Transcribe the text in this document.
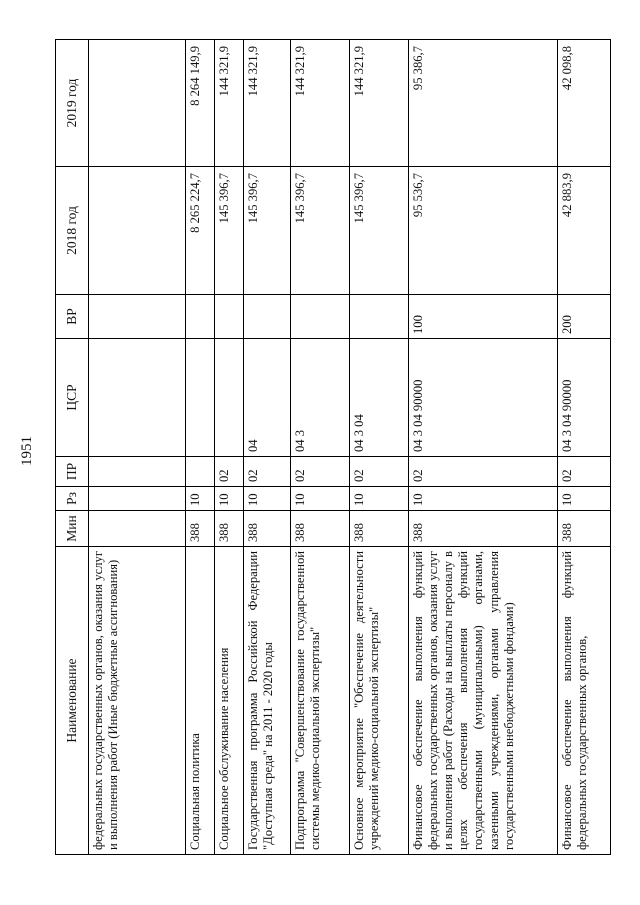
1951
Наименование	Мин	Рз	ПР	ЦСР	ВР	2018 год	2019 год
федеральных государственных органов, оказания услуг и выполнения работ (Иные бюджетные ассигнования)							
Социальная политика	388	10				8 265 224,7	8 264 149,9
Социальное обслуживание населения	388	10	02			145 396,7	144 321,9
Государственная программа Российской Федерации "Доступная среда" на 2011 - 2020 годы	388	10	02	04		145 396,7	144 321,9
Подпрограмма "Совершенствование государственной системы медико-социальной экспертизы"	388	10	02	04 3		145 396,7	144 321,9
Основное мероприятие "Обеспечение деятельности учреждений медико-социальной экспертизы"	388	10	02	04 3 04		145 396,7	144 321,9
Финансовое обеспечение выполнения функций федеральных государственных органов, оказания услуг и выполнения работ (Расходы на выплаты персоналу в целях обеспечения выполнения функций государственными (муниципальными) органами, казенными учреждениями, органами управления государственными внебюджетными фондами)	388	10	02	04 3 04 90000	100	95 536,7	95 386,7
Финансовое обеспечение выполнения функций федеральных государственных органов,	388	10	02	04 3 04 90000	200	42 883,9	42 098,8
